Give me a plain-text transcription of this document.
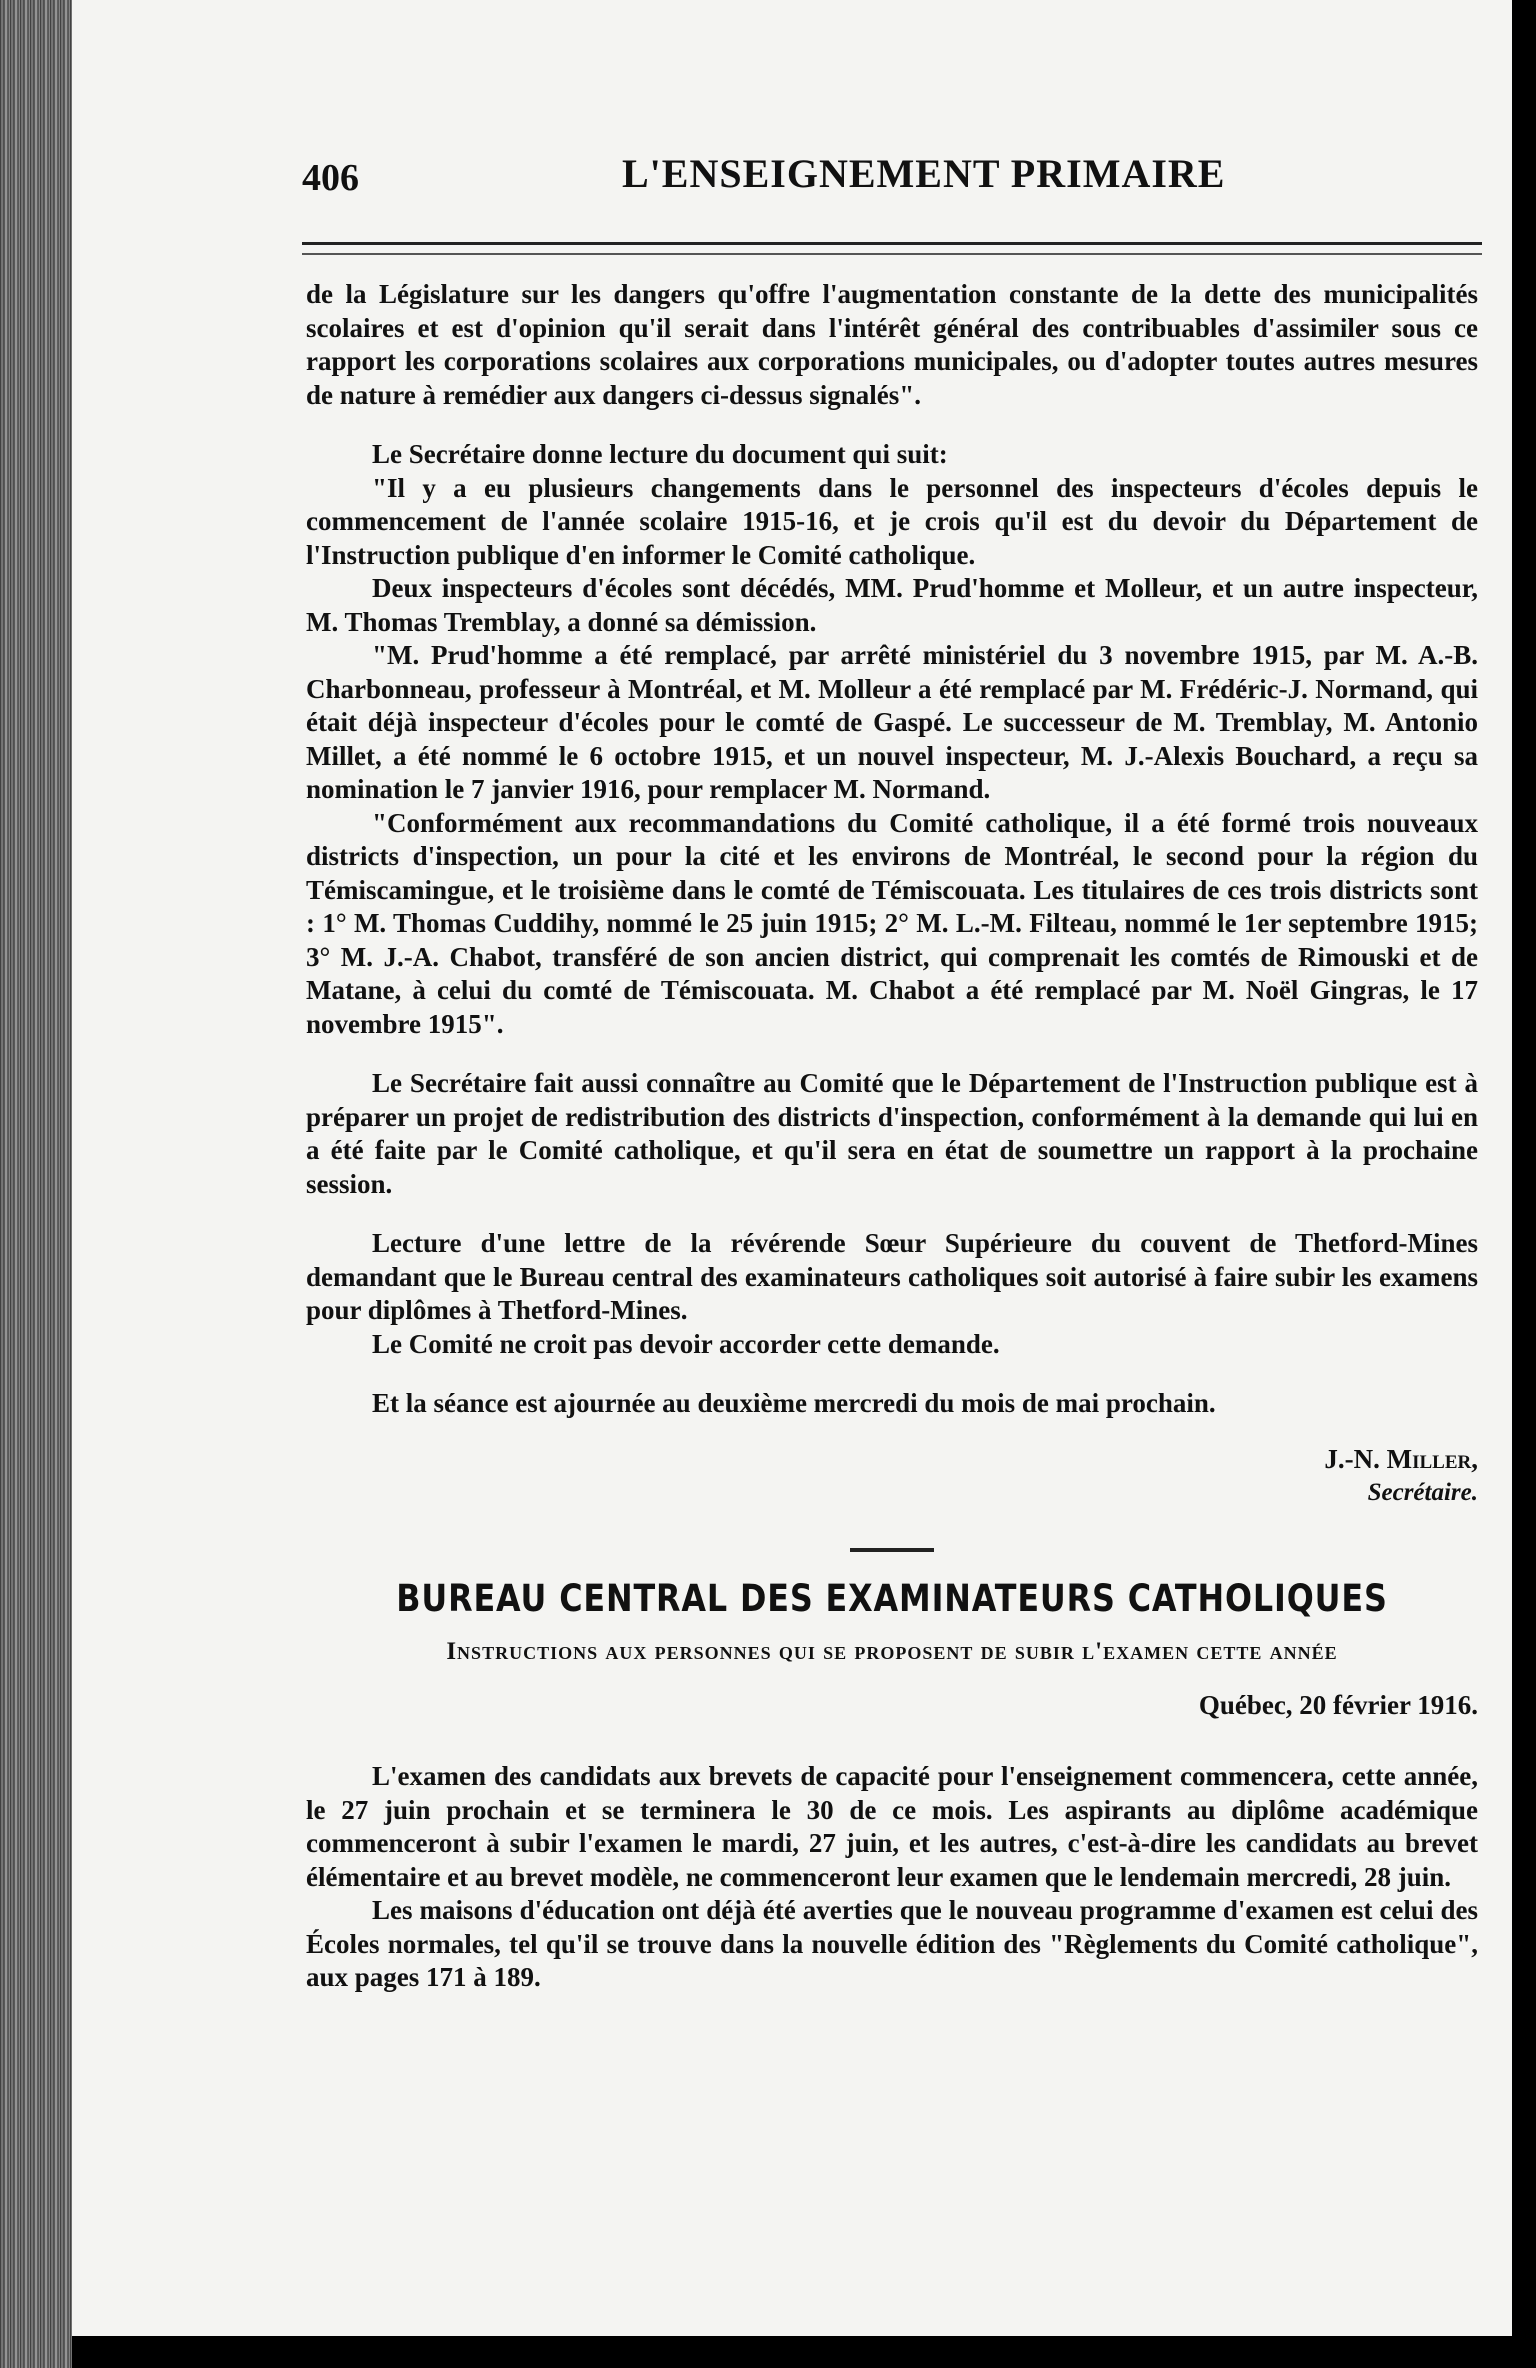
406	L'ENSEIGNEMENT PRIMAIRE

de la Législature sur les dangers qu'offre l'augmentation constante de la dette des municipalités scolaires et est d'opinion qu'il serait dans l'intérêt général des contribuables d'assimiler sous ce rapport les corporations scolaires aux corporations municipales, ou d'adopter toutes autres mesures de nature à remédier aux dangers ci-dessus signalés".

Le Secrétaire donne lecture du document qui suit:

"Il y a eu plusieurs changements dans le personnel des inspecteurs d'écoles depuis le commencement de l'année scolaire 1915-16, et je crois qu'il est du devoir du Département de l'Instruction publique d'en informer le Comité catholique.

Deux inspecteurs d'écoles sont décédés, MM. Prud'homme et Molleur, et un autre inspecteur, M. Thomas Tremblay, a donné sa démission.

"M. Prud'homme a été remplacé, par arrêté ministériel du 3 novembre 1915, par M. A.-B. Charbonneau, professeur à Montréal, et M. Molleur a été remplacé par M. Frédéric-J. Normand, qui était déjà inspecteur d'écoles pour le comté de Gaspé. Le successeur de M. Tremblay, M. Antonio Millet, a été nommé le 6 octobre 1915, et un nouvel inspecteur, M. J.-Alexis Bouchard, a reçu sa nomination le 7 janvier 1916, pour remplacer M. Normand.

"Conformément aux recommandations du Comité catholique, il a été formé trois nouveaux districts d'inspection, un pour la cité et les environs de Montréal, le second pour la région du Témiscamingue, et le troisième dans le comté de Témiscouata. Les titulaires de ces trois districts sont : 1° M. Thomas Cuddihy, nommé le 25 juin 1915; 2° M. L.-M. Filteau, nommé le 1er septembre 1915; 3° M. J.-A. Chabot, transféré de son ancien district, qui comprenait les comtés de Rimouski et de Matane, à celui du comté de Témiscouata. M. Chabot a été remplacé par M. Noël Gingras, le 17 novembre 1915".

Le Secrétaire fait aussi connaître au Comité que le Département de l'Instruction publique est à préparer un projet de redistribution des districts d'inspection, conformément à la demande qui lui en a été faite par le Comité catholique, et qu'il sera en état de soumettre un rapport à la prochaine session.

Lecture d'une lettre de la révérende Sœur Supérieure du couvent de Thetford-Mines demandant que le Bureau central des examinateurs catholiques soit autorisé à faire subir les examens pour diplômes à Thetford-Mines.

Le Comité ne croit pas devoir accorder cette demande.

Et la séance est ajournée au deuxième mercredi du mois de mai prochain.

J.-N. Miller,

Secrétaire.

BUREAU CENTRAL DES EXAMINATEURS CATHOLIQUES

Instructions aux personnes qui se proposent de subir l'examen cette année

Québec, 20 février 1916.

L'examen des candidats aux brevets de capacité pour l'enseignement commencera, cette année, le 27 juin prochain et se terminera le 30 de ce mois. Les aspirants au diplôme académique commenceront à subir l'examen le mardi, 27 juin, et les autres, c'est-à-dire les candidats au brevet élémentaire et au brevet modèle, ne commenceront leur examen que le lendemain mercredi, 28 juin.

Les maisons d'éducation ont déjà été averties que le nouveau programme d'examen est celui des Écoles normales, tel qu'il se trouve dans la nouvelle édition des "Règlements du Comité catholique", aux pages 171 à 189.
